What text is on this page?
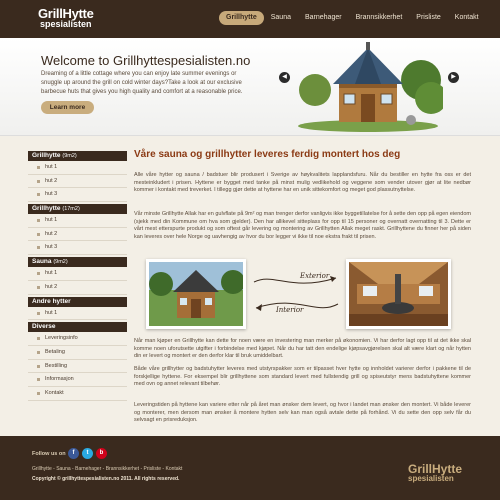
GrillHytte
spesialisten
Grillhytte	Sauna	Barnehager	Brannsikkerhet	Prisliste	Kontakt
Welcome to Grillhyttespesialisten.no
Dreaming of a little cottage where you can enjoy late summer evenings or snuggle up around the grill on cold winter days?Take a look at our exclusive barbecue huts that gives you high quality and comfort at a reasonable price.
Learn more
◀	▶
Grillhytte (9m2)
hut 1
hut 2
hut 3
Grillhytte (17m2)
hut 1
hut 2
hut 3
Sauna (9m2)
hut 1
hut 2
Andre hytter
hut 1
Diverse
Leveringsinfo
Betaling
Bestilling
Informasjon
Kontakt
Våre sauna og grillhytter leveres ferdig montert hos deg
Alle våre hytter og sauna / badstuer blir produsert i Sverige av høykvalitets lapplandsfuru. Når du bestiller en hytte fra oss er det mesteinkludert i prisen. Hyttene er bygget med tanke på minst mulig vedlikehold og veggene som vender utover gjør at lite nedbør kommer i kontakt med treverket. I tillegg gjør dette at hyttene har en unik sittekomfort og meget god plassutnyttelse.
Vår minste Grillhytte Allak har en gulvflate på 9m² og man trenger derfor vanligvis ikke byggetillatelse for å sette den opp på egen eiendom (sjekk med din Kommune om hva som gjelder). Den har allikevel sitteplass for opp til 15 personer og overnatt overnatting til 3. Dette er vårt mest etterspurte produkt og som oftest går levering og montering av Grillhytten Allak meget raskt. Grillhyttene du finner her på siden kan leveres over hele Norge og uavhengig av hvor du bor legger vi ikke til noe ekstra frakt til prisen.
Exterior
Interior
Når man kjøper en Grillhytte kan dette for noen være en investering man merker på økonomien. Vi har derfor lagt opp til at det ikke skal komme noen uforutsette utgifter i forbindelse med kjøpet. Når du har tatt den endelige kjøpsavgjørelsen skal alt være klart og når hytten din er levert og montert er den derfor klar til bruk umiddelbart.
Både våre grillhytter og badstuhytter leveres med utstyrspakker som er tilpasset hver hytte og innholdet varierer derfor i pakkene til de forskjellige hyttene. For eksempel blir grillhyttene som standard levert med fullstendig grill og spiseutstyr mens badstuhyttene kommer med ovn og annet relevant tilbehør.
Leveringstiden på hyttene kan variere etter når på året man ønsker dem levert, og hvor i landet man ønsker den montert. Vi både leverer og monterer, men dersom man ønsker å montere hytten selv kan man også avtale dette på forhånd. Vi du sette den opp selv får du selvsagt en prisreduksjon.
Follow us on	f	t	b
Grillhytte - Sauna - Barnehager - Brannsikkerhet - Prisliste - Kontakt
Copyright © grillhyttespesialisten.no 2011. All rights reserved.
GrillHytte
spesialisten
